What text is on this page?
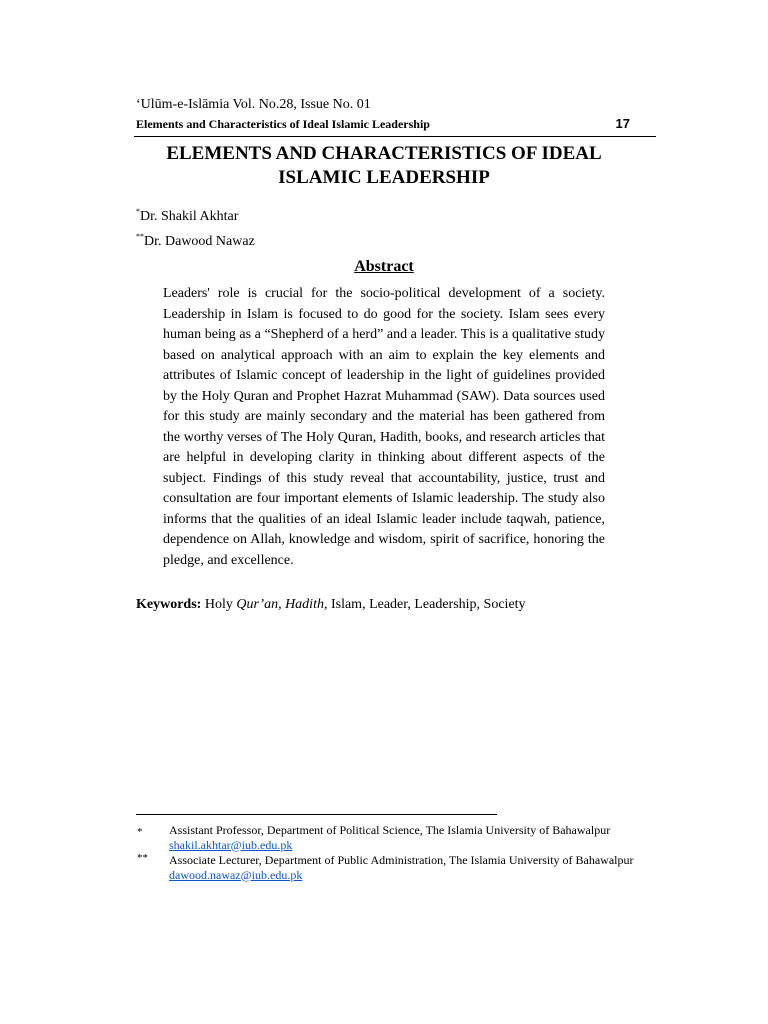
‘Ulūm-e-Islāmia Vol. No.28, Issue No. 01
Elements and Characteristics of Ideal Islamic Leadership	17
ELEMENTS AND CHARACTERISTICS OF IDEAL
ISLAMIC LEADERSHIP
*Dr. Shakil Akhtar
**Dr. Dawood Nawaz
Abstract

Leaders' role is crucial for the socio-political development of a society. Leadership in Islam is focused to do good for the society. Islam sees every human being as a “Shepherd of a herd” and a leader. This is a qualitative study based on analytical approach with an aim to explain the key elements and attributes of Islamic concept of leadership in the light of guidelines provided by the Holy Quran and Prophet Hazrat Muhammad (SAW). Data sources used for this study are mainly secondary and the material has been gathered from the worthy verses of The Holy Quran, Hadith, books, and research articles that are helpful in developing clarity in thinking about different aspects of the subject. Findings of this study reveal that accountability, justice, trust and consultation are four important elements of Islamic leadership. The study also informs that the qualities of an ideal Islamic leader include taqwah, patience, dependence on Allah, knowledge and wisdom, spirit of sacrifice, honoring the pledge, and excellence.

Keywords: Holy Qur’an, Hadith, Islam, Leader, Leadership, Society
* Assistant Professor, Department of Political Science, The Islamia University of Bahawalpur
shakil.akhtar@iub.edu.pk
** Associate Lecturer, Department of Public Administration, The Islamia University of Bahawalpur dawood.nawaz@iub.edu.pk
